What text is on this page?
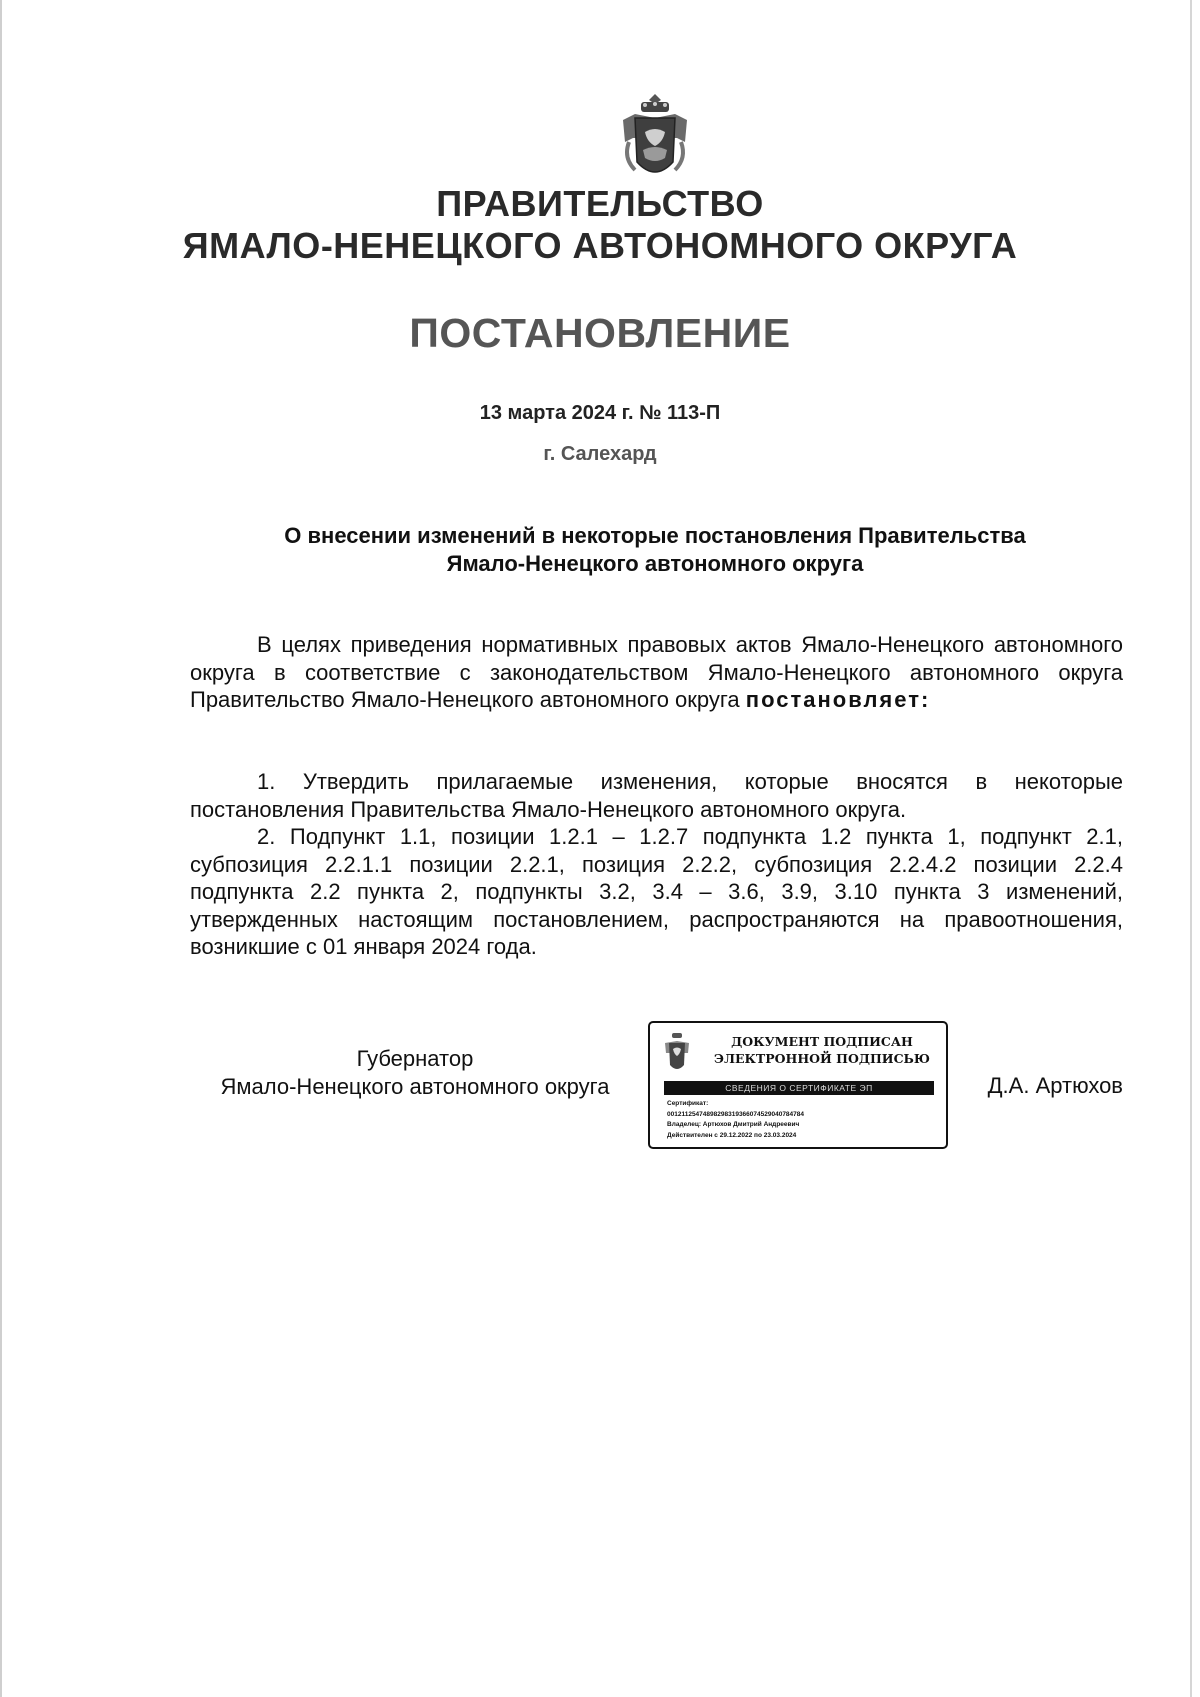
ПРАВИТЕЛЬСТВО
ЯМАЛО-НЕНЕЦКОГО АВТОНОМНОГО ОКРУГА
ПОСТАНОВЛЕНИЕ
13 марта 2024 г. № 113-П
г. Салехард
О внесении изменений в некоторые постановления Правительства
Ямало-Ненецкого автономного округа

В целях приведения нормативных правовых актов Ямало-Ненецкого автономного округа в соответствие с законодательством Ямало-Ненецкого автономного округа Правительство Ямало-Ненецкого автономного округа постановляет:

1. Утвердить прилагаемые изменения, которые вносятся в некоторые постановления Правительства Ямало-Ненецкого автономного округа.

2. Подпункт 1.1, позиции 1.2.1 – 1.2.7 подпункта 1.2 пункта 1, подпункт 2.1, субпозиция 2.2.1.1 позиции 2.2.1, позиция 2.2.2, субпозиция 2.2.4.2 позиции 2.2.4 подпункта 2.2 пункта 2, подпункты 3.2, 3.4 – 3.6, 3.9, 3.10 пункта 3 изменений, утвержденных настоящим постановлением, распространяются на правоотношения, возникшие с 01 января 2024 года.

Губернатор
Ямало-Ненецкого автономного округа
ДОКУМЕНТ ПОДПИСАН
ЭЛЕКТРОННОЙ ПОДПИСЬЮ
СВЕДЕНИЯ О СЕРТИФИКАТЕ ЭП
Сертификат:
00121125474898298319366074529040784784
Владелец: Артюхов Дмитрий Андреевич
Действителен с 29.12.2022 по 23.03.2024
Д.А. Артюхов
